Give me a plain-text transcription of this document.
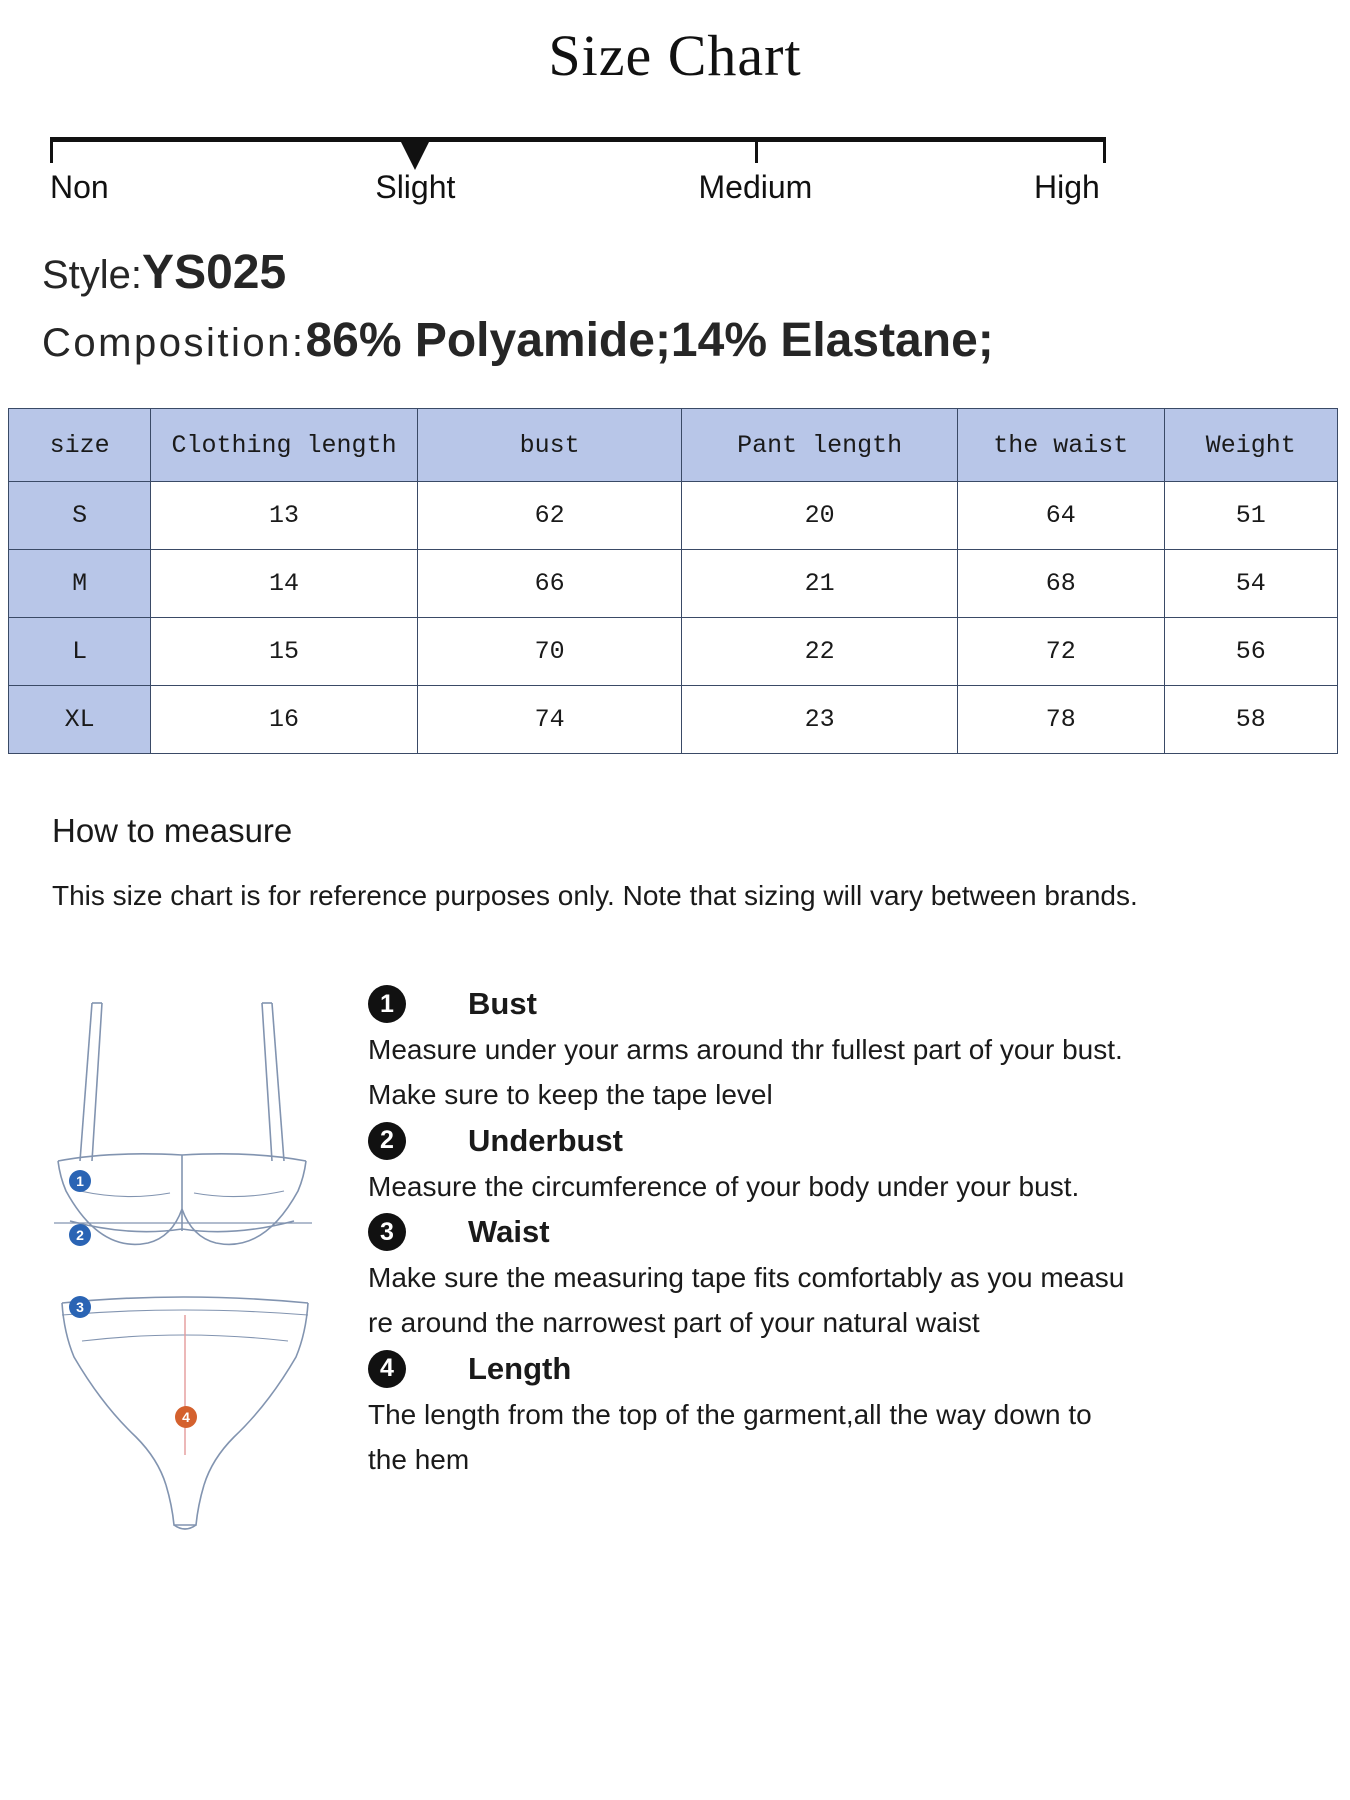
Size Chart
Non	Slight	Medium	High
Style:YS025
Composition:86% Polyamide;14% Elastane;
size	Clothing length	bust	Pant length	the waist	Weight
S	13	62	20	64	51
M	14	66	21	68	54
L	15	70	22	72	56
XL	16	74	23	78	58
How to measure
This size chart is for reference purposes only. Note that sizing will vary between brands.
1
2
3
4
1	Bust
Measure under your arms around thr fullest part of your bust. Make sure to keep the tape level
2	Underbust
Measure the circumference of your body under your bust.
3	Waist
Make sure the measuring tape fits comfortably as you measu re around the narrowest part of your natural waist
4	Length
The length from the top of the garment,all the way down to the hem
